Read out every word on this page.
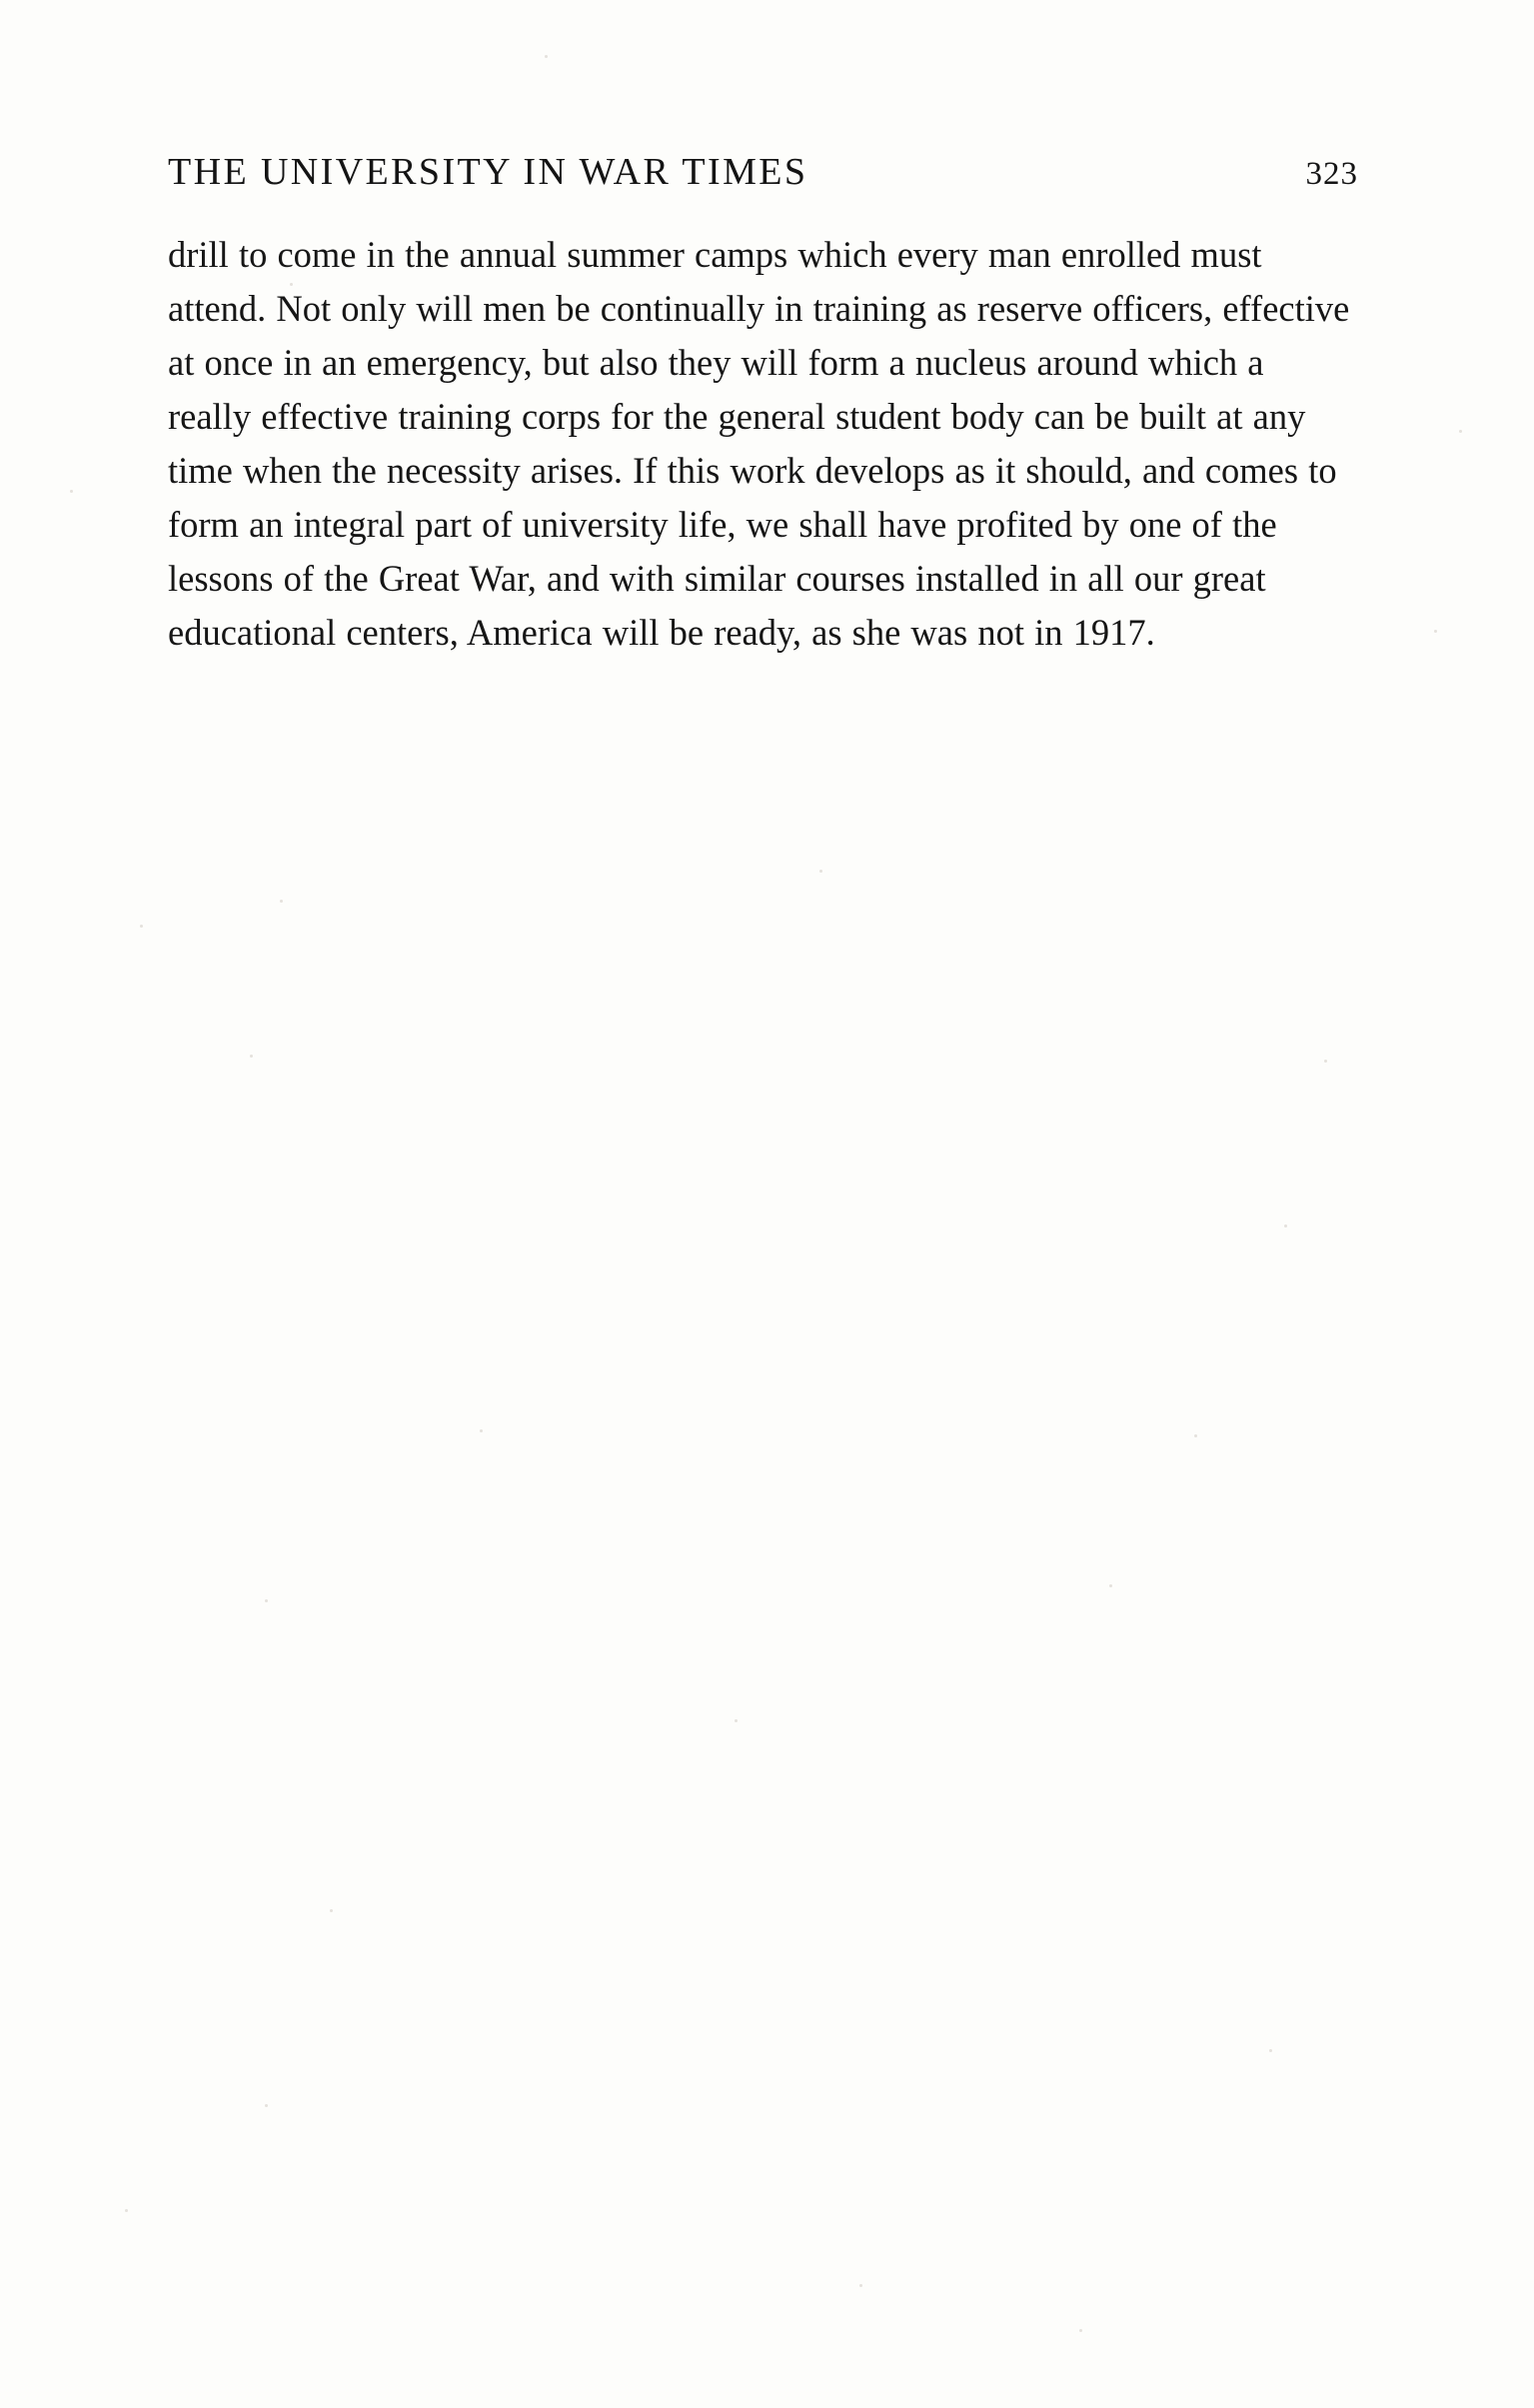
THE UNIVERSITY IN WAR TIMES	323

drill to come in the annual summer camps which every man enrolled must attend. Not only will men be continually in training as reserve officers, effective at once in an emergency, but also they will form a nucleus around which a really effective training corps for the general student body can be built at any time when the necessity arises. If this work develops as it should, and comes to form an integral part of university life, we shall have profited by one of the lessons of the Great War, and with similar courses installed in all our great educational centers, America will be ready, as she was not in 1917.
